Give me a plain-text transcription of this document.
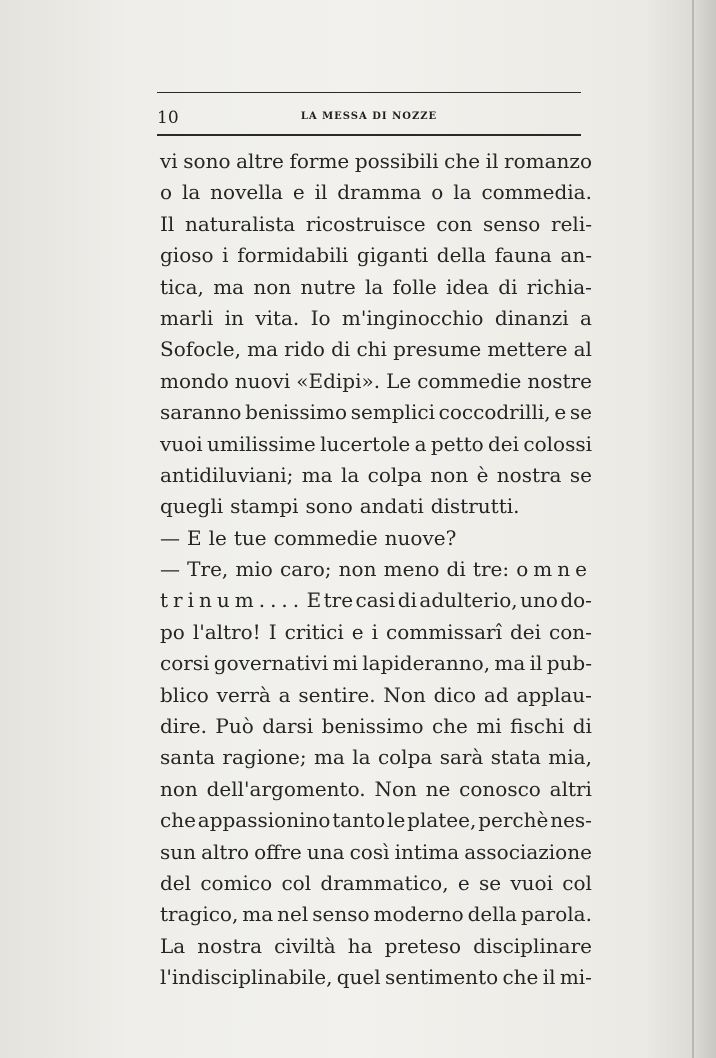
10	LA MESSA DI NOZZE
vi sono altre forme possibili che il romanzo
o la novella e il dramma o la commedia.
Il naturalista ricostruisce con senso reli-
gioso i formidabili giganti della fauna an-
tica, ma non nutre la folle idea di richia-
marli in vita. Io m'inginocchio dinanzi a
Sofocle, ma rido di chi presume mettere al
mondo nuovi «Edipi». Le commedie nostre
saranno benissimo semplici coccodrilli, e se
vuoi umilissime lucertole a petto dei colossi
antidiluviani; ma la colpa non è nostra se
quegli stampi sono andati distrutti.
— E le tue commedie nuove?
— Tre, mio caro; non meno di tre: omne
trinum.... E tre casi di adulterio, uno do-
po l'altro! I critici e i commissarî dei con-
corsi governativi mi lapideranno, ma il pub-
blico verrà a sentire. Non dico ad applau-
dire. Può darsi benissimo che mi fischi di
santa ragione; ma la colpa sarà stata mia,
non dell'argomento. Non ne conosco altri
che appassionino tanto le platee, perchè nes-
sun altro offre una così intima associazione
del comico col drammatico, e se vuoi col
tragico, ma nel senso moderno della parola.
La nostra civiltà ha preteso disciplinare
l'indisciplinabile, quel sentimento che il mi-
